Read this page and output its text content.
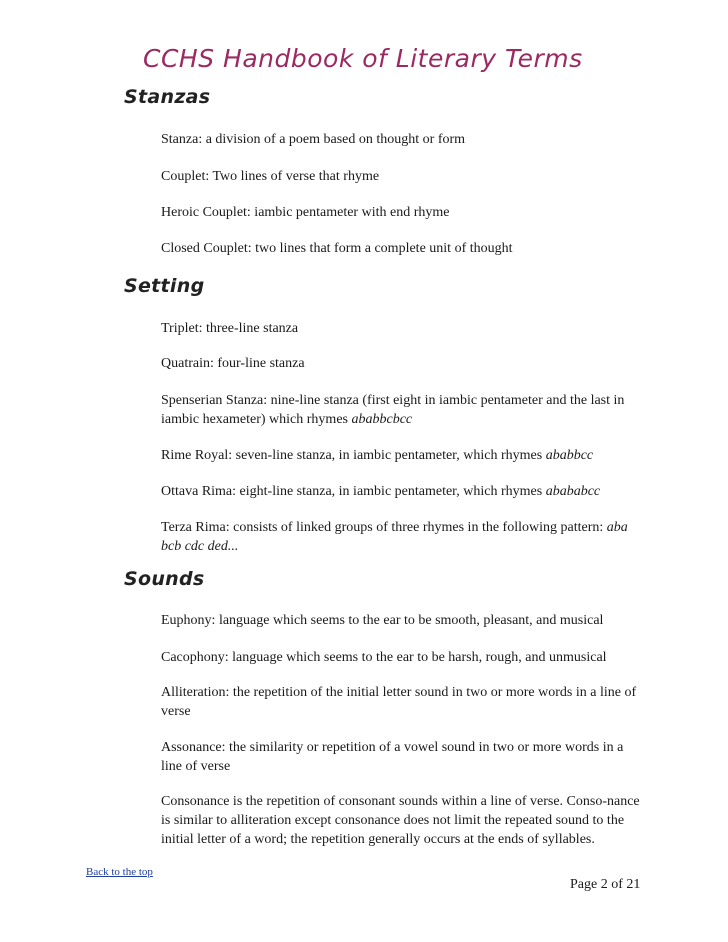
CCHS Handbook of Literary Terms
Stanzas

Stanza: a division of a poem based on thought or form

Couplet: Two lines of verse that rhyme

Heroic Couplet: iambic pentameter with end rhyme

Closed Couplet: two lines that form a complete unit of thought

Setting

Triplet: three-line stanza

Quatrain: four-line stanza

Spenserian Stanza: nine-line stanza (first eight in iambic pentameter and the last in iambic hexameter) which rhymes ababbcbcc

Rime Royal: seven-line stanza, in iambic pentameter, which rhymes ababbcc

Ottava Rima: eight-line stanza, in iambic pentameter, which rhymes abababcc

Terza Rima: consists of linked groups of three rhymes in the following pattern: aba bcb cdc ded...

Sounds

Euphony: language which seems to the ear to be smooth, pleasant, and musical

Cacophony: language which seems to the ear to be harsh, rough, and unmusical

Alliteration: the repetition of the initial letter sound in two or more words in a line of verse

Assonance: the similarity or repetition of a vowel sound in two or more words in a line of verse

Consonance is the repetition of consonant sounds within a line of verse. Conso-nance is similar to alliteration except consonance does not limit the repeated sound to the initial letter of a word; the repetition generally occurs at the ends of syllables.

Back to the top
Page 2 of 21
